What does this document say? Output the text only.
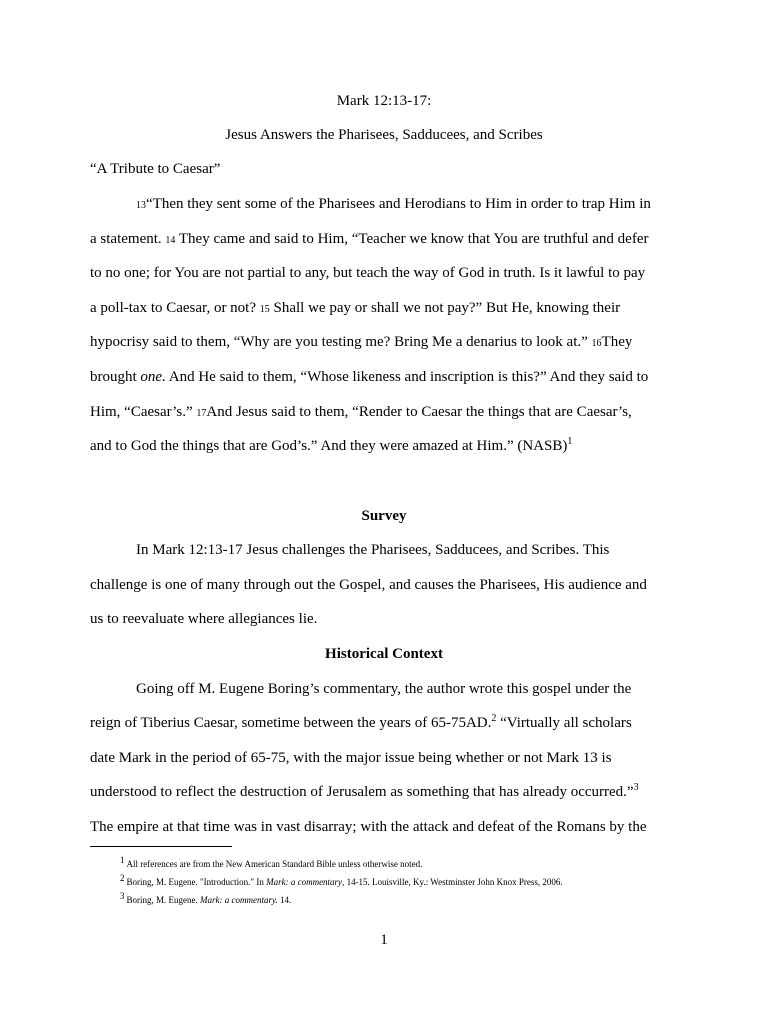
Mark 12:13-17:
Jesus Answers the Pharisees, Sadducees, and Scribes
“A Tribute to Caesar”
13“Then they sent some of the Pharisees and Herodians to Him in order to trap Him in
a statement. 14 They came and said to Him, “Teacher we know that You are truthful and defer
to no one; for You are not partial to any, but teach the way of God in truth. Is it lawful to pay
a poll-tax to Caesar, or not? 15 Shall we pay or shall we not pay?” But He, knowing their
hypocrisy said to them, “Why are you testing me? Bring Me a denarius to look at.” 16They
brought one. And He said to them, “Whose likeness and inscription is this?” And they said to
Him, “Caesar’s.” 17And Jesus said to them, “Render to Caesar the things that are Caesar’s,
and to God the things that are God’s.” And they were amazed at Him.” (NASB)$^1$
Survey
In Mark 12:13-17 Jesus challenges the Pharisees, Sadducees, and Scribes. This
challenge is one of many through out the Gospel, and causes the Pharisees, His audience and
us to reevaluate where allegiances lie.
Historical Context
Going off M. Eugene Boring’s commentary, the author wrote this gospel under the
reign of Tiberius Caesar, sometime between the years of 65-75AD.$^2$ “Virtually all scholars
date Mark in the period of 65-75, with the major issue being whether or not Mark 13 is
understood to reflect the destruction of Jerusalem as something that has already occurred.”$^3$
The empire at that time was in vast disarray; with the attack and defeat of the Romans by the
$^1$ All references are from the New American Standard Bible unless otherwise noted.
$^2$ Boring, M. Eugene. "Introduction." In Mark: a commentary, 14-15. Louisville, Ky.: Westminster John Knox Press, 2006.
$^3$ Boring, M. Eugene. Mark: a commentary. 14.
1
